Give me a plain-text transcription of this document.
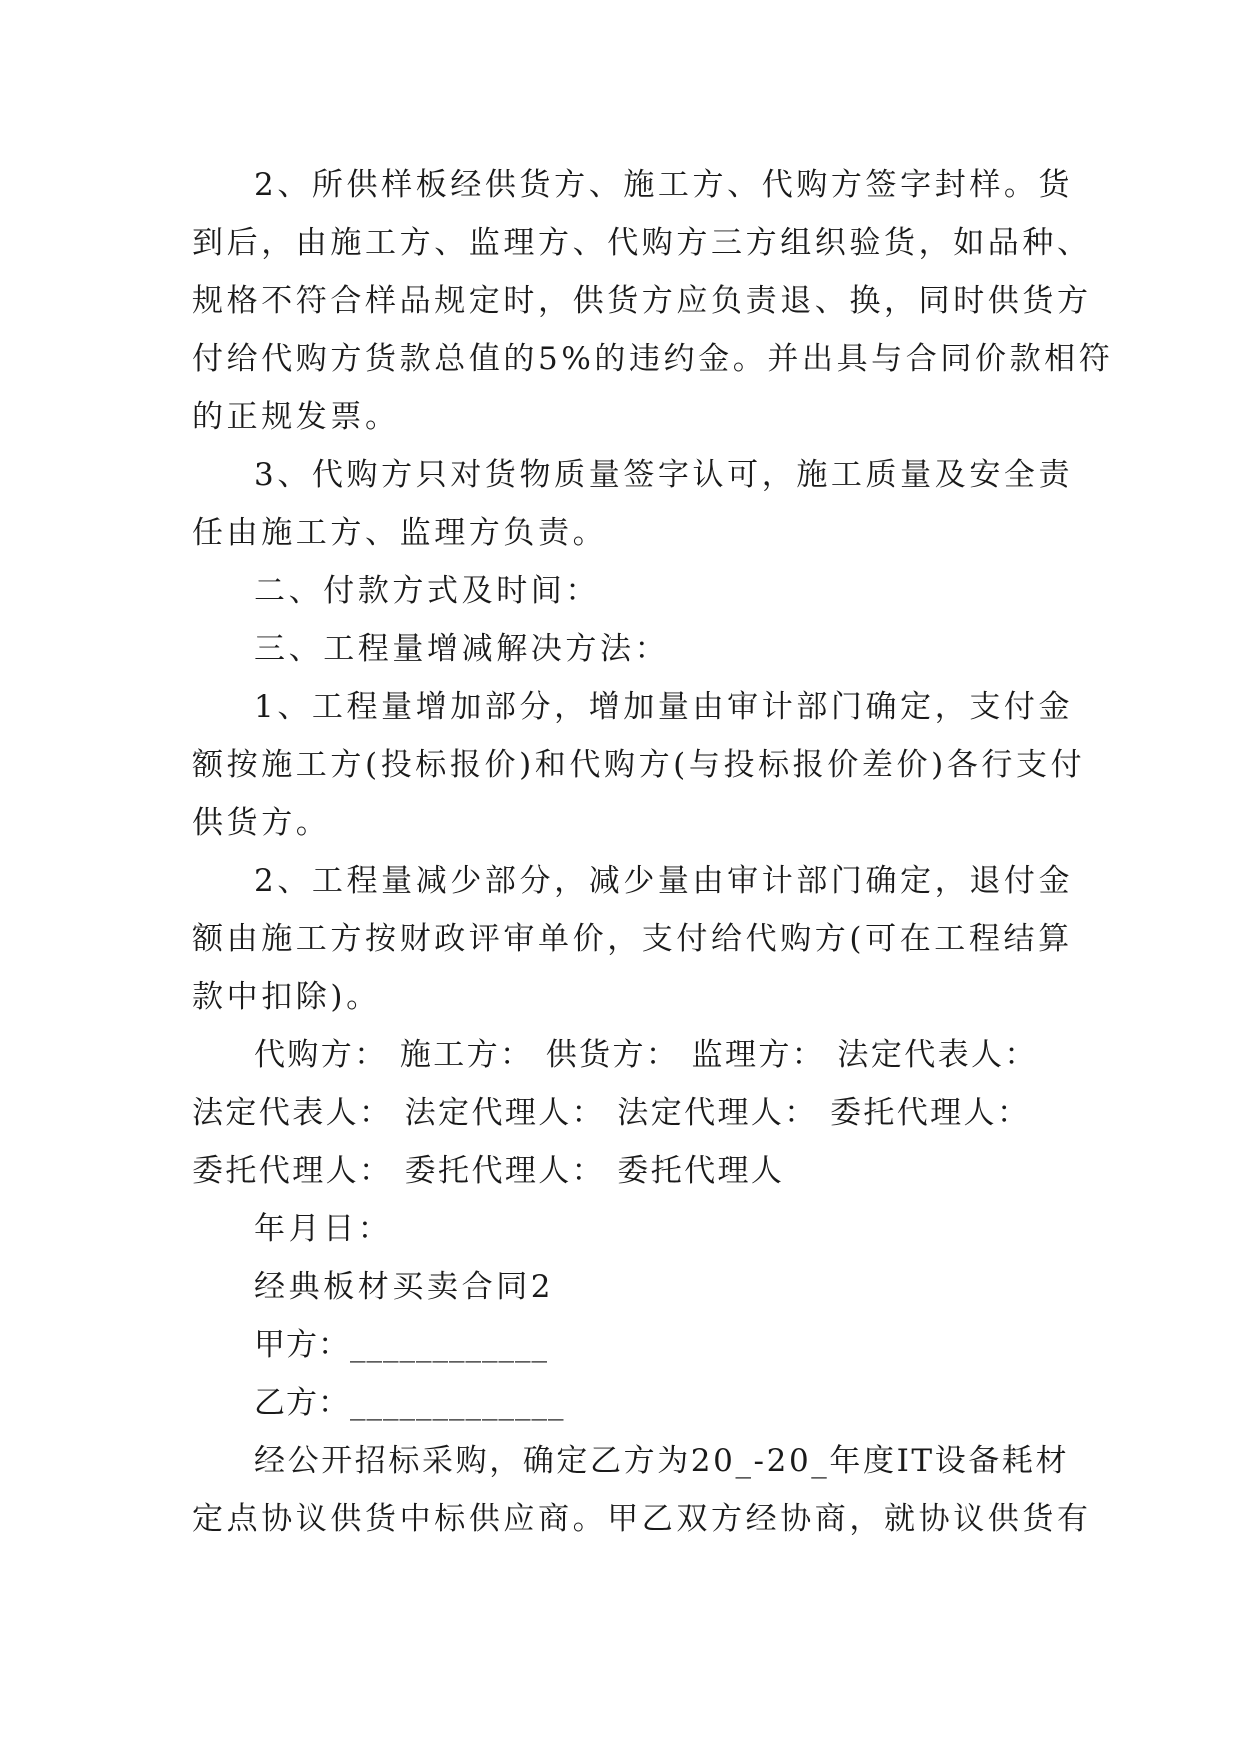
2、所供样板经供货方、施工方、代购方签字封样。货
到后，由施工方、监理方、代购方三方组织验货，如品种、
规格不符合样品规定时，供货方应负责退、换，同时供货方
付给代购方货款总值的5%的违约金。并出具与合同价款相符
的正规发票。
3、代购方只对货物质量签字认可，施工质量及安全责
任由施工方、监理方负责。
二、付款方式及时间：
三、工程量增减解决方法：
1、工程量增加部分，增加量由审计部门确定，支付金
额按施工方(投标报价)和代购方(与投标报价差价)各行支付
供货方。
2、工程量减少部分，减少量由审计部门确定，退付金
额由施工方按财政评审单价，支付给代购方(可在工程结算
款中扣除)。
代购方： 施工方： 供货方： 监理方： 法定代表人：
法定代表人： 法定代理人： 法定代理人： 委托代理人：
委托代理人： 委托代理人： 委托代理人
年月日：
经典板材买卖合同2
甲方：____________
乙方：_____________
经公开招标采购，确定乙方为20_-20_年度IT设备耗材
定点协议供货中标供应商。甲乙双方经协商，就协议供货有
